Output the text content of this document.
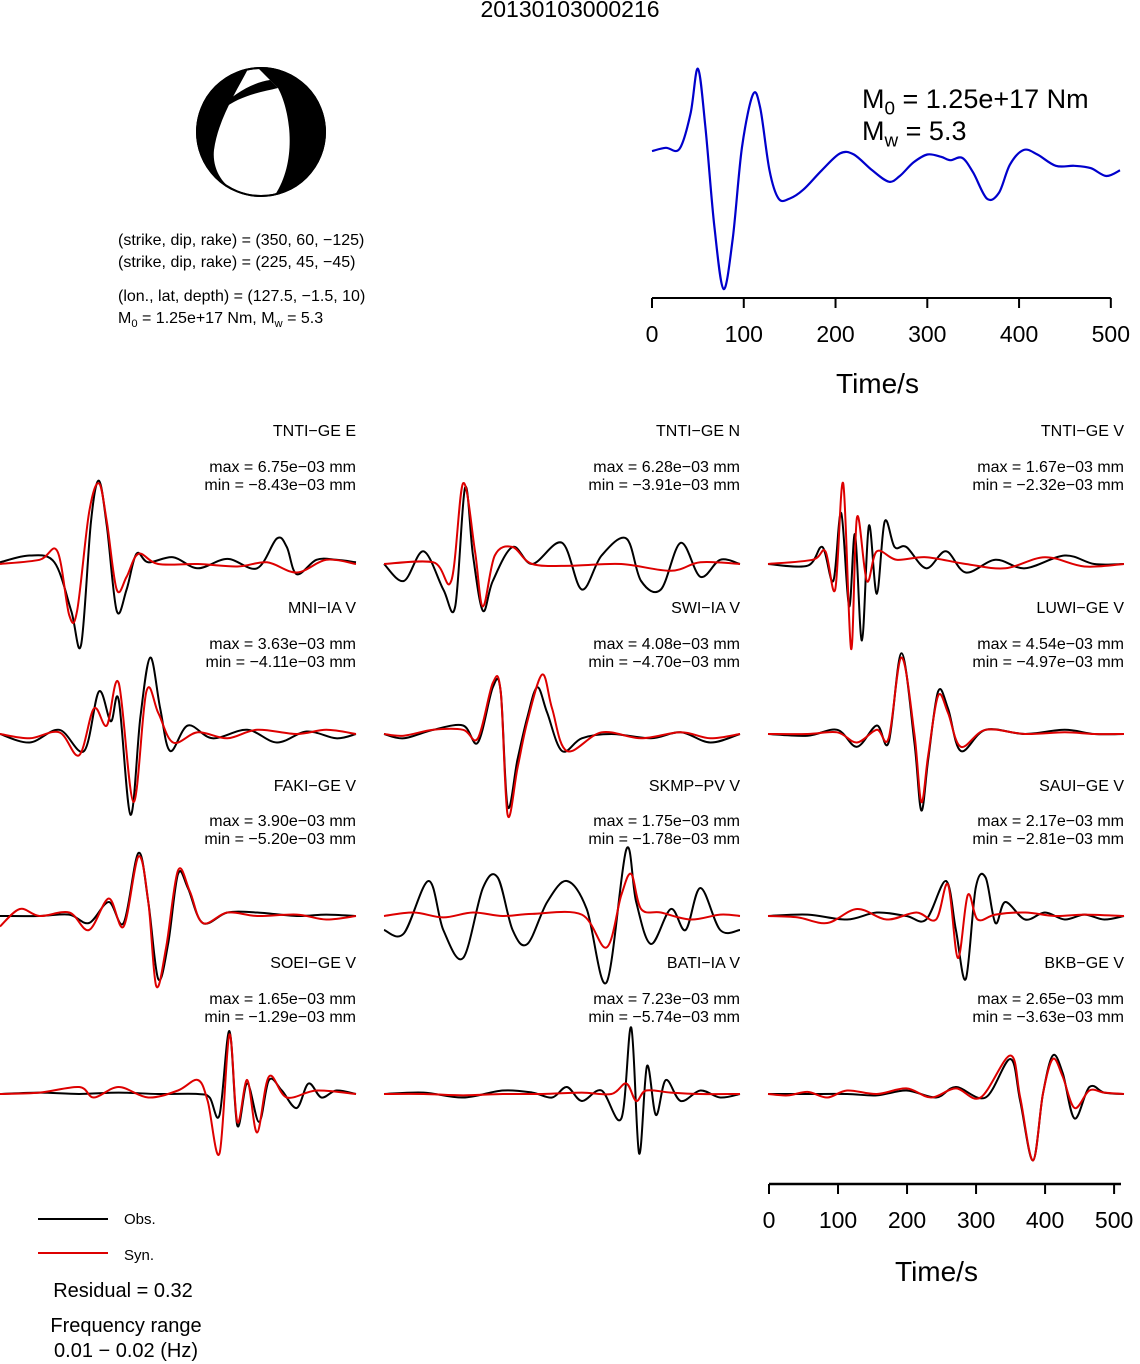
20130103000216
(strike, dip, rake) = (350, 60, −125)
(strike, dip, rake) = (225, 45, −45)
(lon., lat, depth) = (127.5, −1.5, 10)
$M_0 = 1.25e+17$ Nm, $M_w = 5.3$
$M_0 = 1.25e+17$ Nm
$M_w = 5.3$
0	100 200 300 400 500
0 100 200 300 400 500
Time/s
TNTI−GE E
max = 6.75e−03 mm
min = −8.43e−03 mm
TNTI−GE N
max = 6.28e−03 mm
min = −3.91e−03 mm
TNTI−GE V
max = 1.67e−03 mm
min = −2.32e−03 mm
MNI−IA V
max = 3.63e−03 mm
min = −4.11e−03 mm
SWI−IA V
max = 4.08e−03 mm
min = −4.70e−03 mm
LUWI−GE V
max = 4.54e−03 mm
min = −4.97e−03 mm
FAKI−GE V
max = 3.90e−03 mm
min = −5.20e−03 mm
SKMP−PV V
max = 1.75e−03 mm
min = −1.78e−03 mm
SAUI−GE V
max = 2.17e−03 mm
min = −2.81e−03 mm
SOEI−GE V
max = 1.65e−03 mm
min = −1.29e−03 mm
BATI−IA V
max = 7.23e−03 mm
min = −5.74e−03 mm
BKB−GE V
max = 2.65e−03 mm
min = −3.63e−03 mm
Time/s
Obs.
Syn.
Residual = 0.32
Frequency range
0.01 − 0.02 (Hz)
